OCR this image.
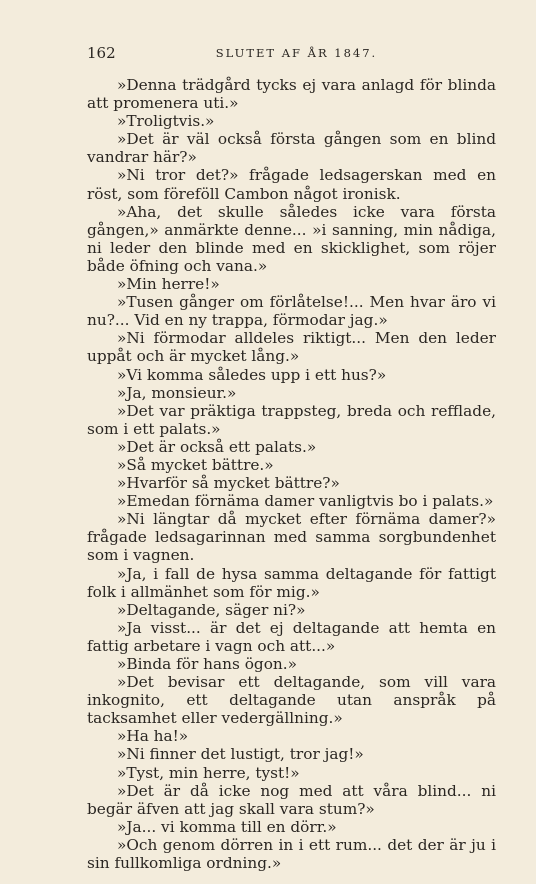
162	SLUTET AF ÅR 1847.

»Denna trädgård tycks ej vara anlagd för blinda att promenera uti.»

»Troligtvis.»

»Det är väl också första gången som en blind vandrar här?»

»Ni tror det?» frågade ledsagerskan med en röst, som föreföll Cambon något ironisk.

»Aha, det skulle således icke vara första gången,» anmärkte denne... »i sanning, min nådiga, ni leder den blinde med en skicklighet, som röjer både öfning och vana.»

»Min herre!»

»Tusen gånger om förlåtelse!... Men hvar äro vi nu?... Vid en ny trappa, förmodar jag.»

»Ni förmodar alldeles riktigt... Men den leder uppåt och är mycket lång.»

»Vi komma således upp i ett hus?»

»Ja, monsieur.»

»Det var präktiga trappsteg, breda och refflade, som i ett palats.»

»Det är också ett palats.»

»Så mycket bättre.»

»Hvarför så mycket bättre?»

»Emedan förnäma damer vanligtvis bo i palats.»

»Ni längtar då mycket efter förnäma damer?» frågade ledsagarinnan med samma sorgbundenhet som i vagnen.

»Ja, i fall de hysa samma deltagande för fattigt folk i allmänhet som för mig.»

»Deltagande, säger ni?»

»Ja visst... är det ej deltagande att hemta en fattig arbetare i vagn och att...»

»Binda för hans ögon.»

»Det bevisar ett deltagande, som vill vara inkognito, ett deltagande utan anspråk på tacksamhet eller vedergällning.»

»Ha ha!»

»Ni finner det lustigt, tror jag!»

»Tyst, min herre, tyst!»

»Det är då icke nog med att våra blind... ni begär äfven att jag skall vara stum?»

»Ja... vi komma till en dörr.»

»Och genom dörren in i ett rum... det der är ju i sin fullkomliga ordning.»
